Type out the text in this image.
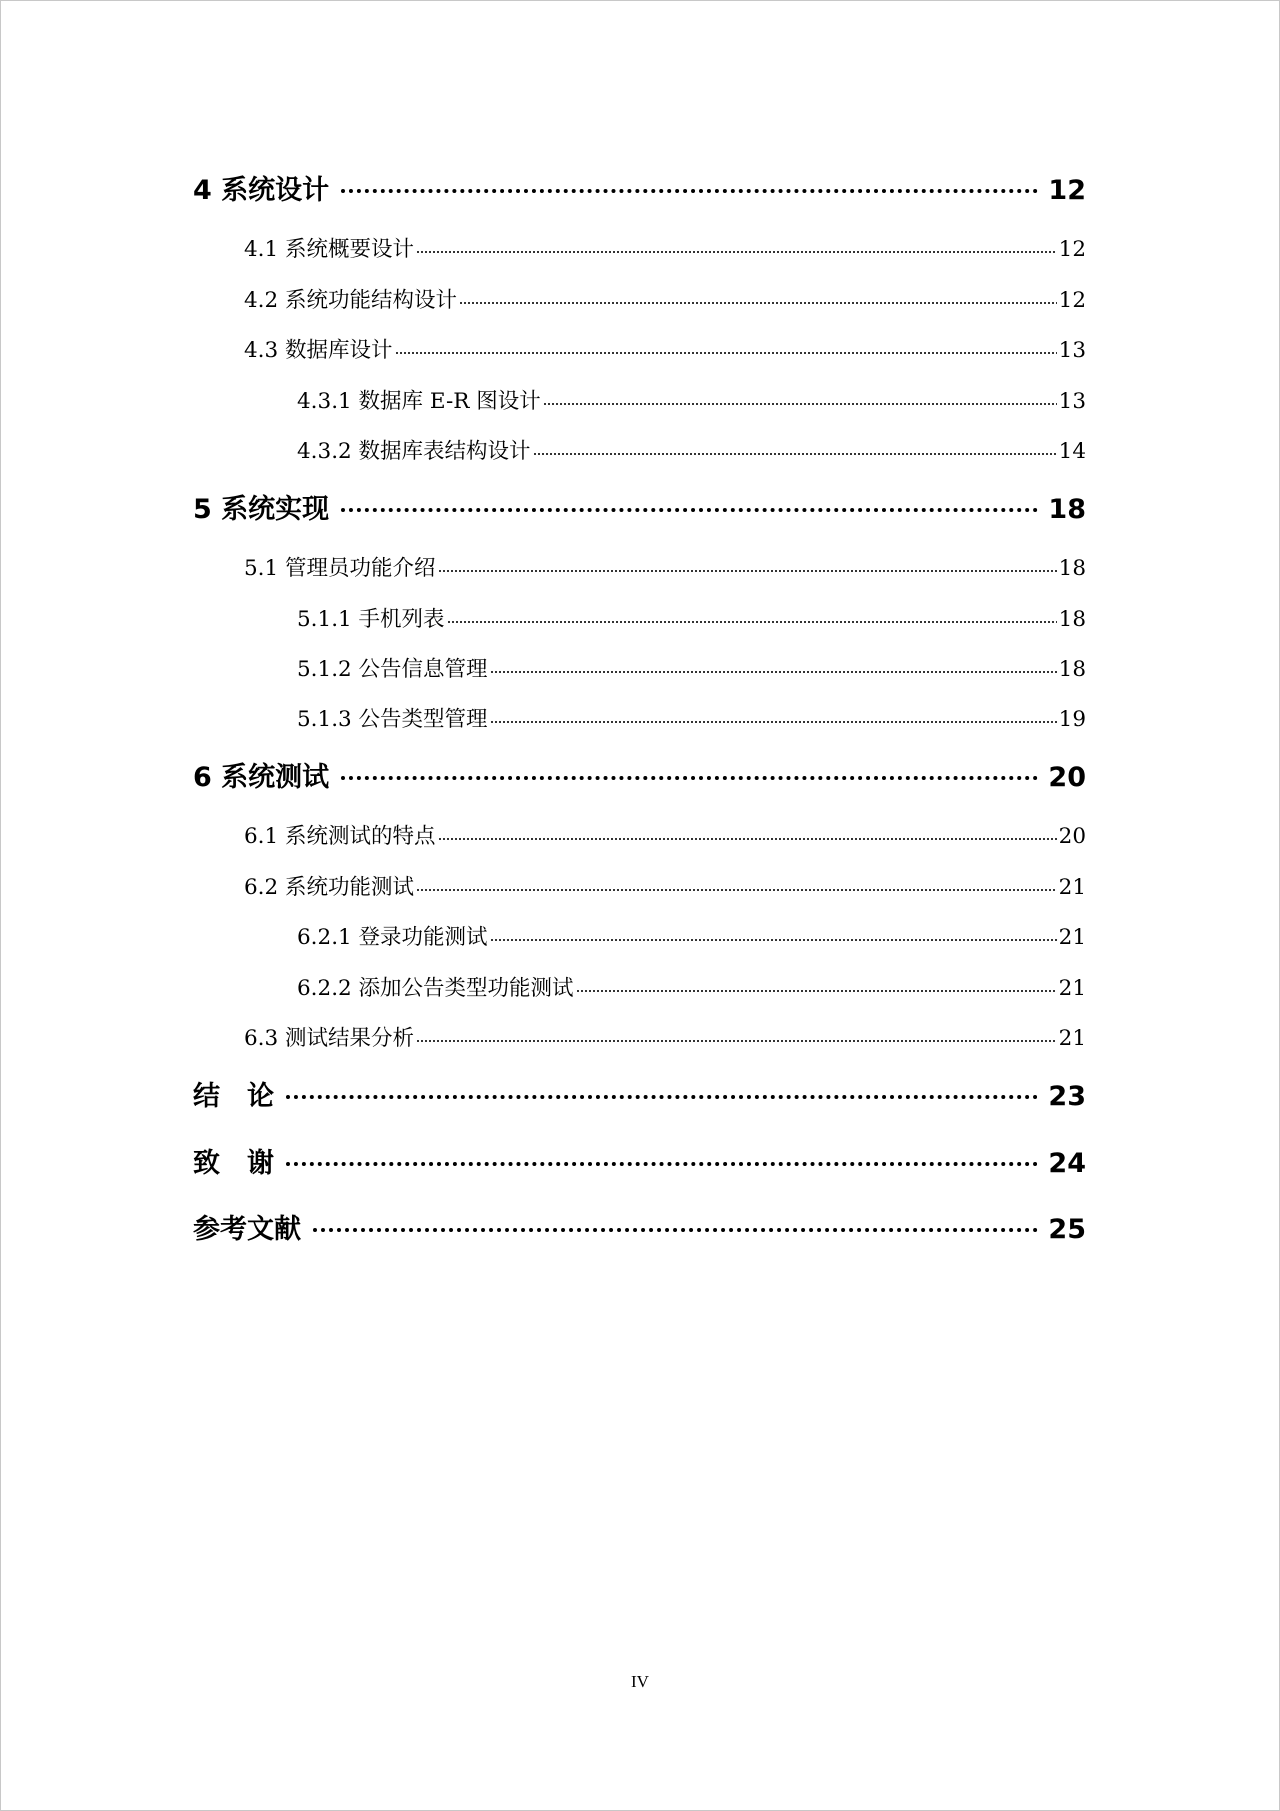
4 系统设计	12
4.1 系统概要设计	12
4.2 系统功能结构设计	12
4.3 数据库设计	13
4.3.1 数据库 E-R 图设计	13
4.3.2 数据库表结构设计	14
5 系统实现	18
5.1 管理员功能介绍	18
5.1.1 手机列表	18
5.1.2 公告信息管理	18
5.1.3 公告类型管理	19
6 系统测试	20
6.1 系统测试的特点	20
6.2 系统功能测试	21
6.2.1 登录功能测试	21
6.2.2 添加公告类型功能测试	21
6.3 测试结果分析	21
结　论	23
致　谢	24
参考文献	25
IV
